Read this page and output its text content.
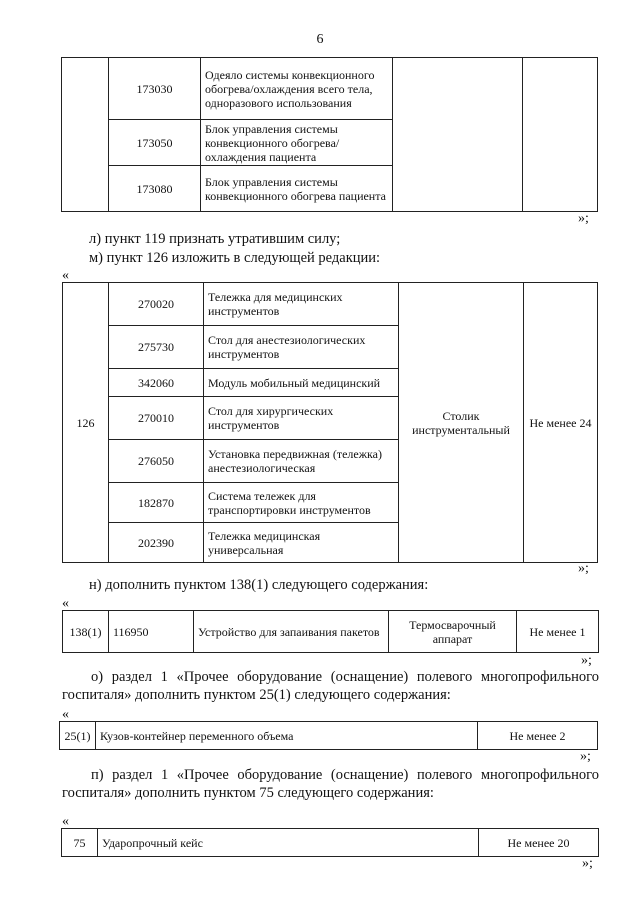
6
	173030	Одеяло системы конвекционного обогрева/охлаждения всего тела, одноразового использования		
	173050	Блок управления системы конвекционного обогрева/охлаждения пациента		
	173080	Блок управления системы конвекционного обогрева пациента		
»;
л) пункт 119 признать утратившим силу;
м) пункт 126 изложить в следующей редакции:
«
126	270020	Тележка для медицинских инструментов	Столик инструментальный	Не менее 24
	275730	Стол для анестезиологических инструментов		
	342060	Модуль мобильный медицинский		
	270010	Стол для хирургических инструментов		
	276050	Установка передвижная (тележка) анестезиологическая		
	182870	Система тележек для транспортировки инструментов		
	202390	Тележка медицинская универсальная		
»;
н) дополнить пунктом 138(1) следующего содержания:
«
138(1)	116950	Устройство для запаивания пакетов	Термосварочный аппарат	Не менее 1
»;
о) раздел 1 «Прочее оборудование (оснащение) полевого многопрофильного госпиталя» дополнить пунктом 25(1) следующего содержания:
«
25(1)	Кузов-контейнер переменного объема	Не менее 2
»;
п) раздел 1 «Прочее оборудование (оснащение) полевого многопрофильного госпиталя» дополнить пунктом 75 следующего содержания:
«
75	Ударопрочный кейс	Не менее 20
»;
